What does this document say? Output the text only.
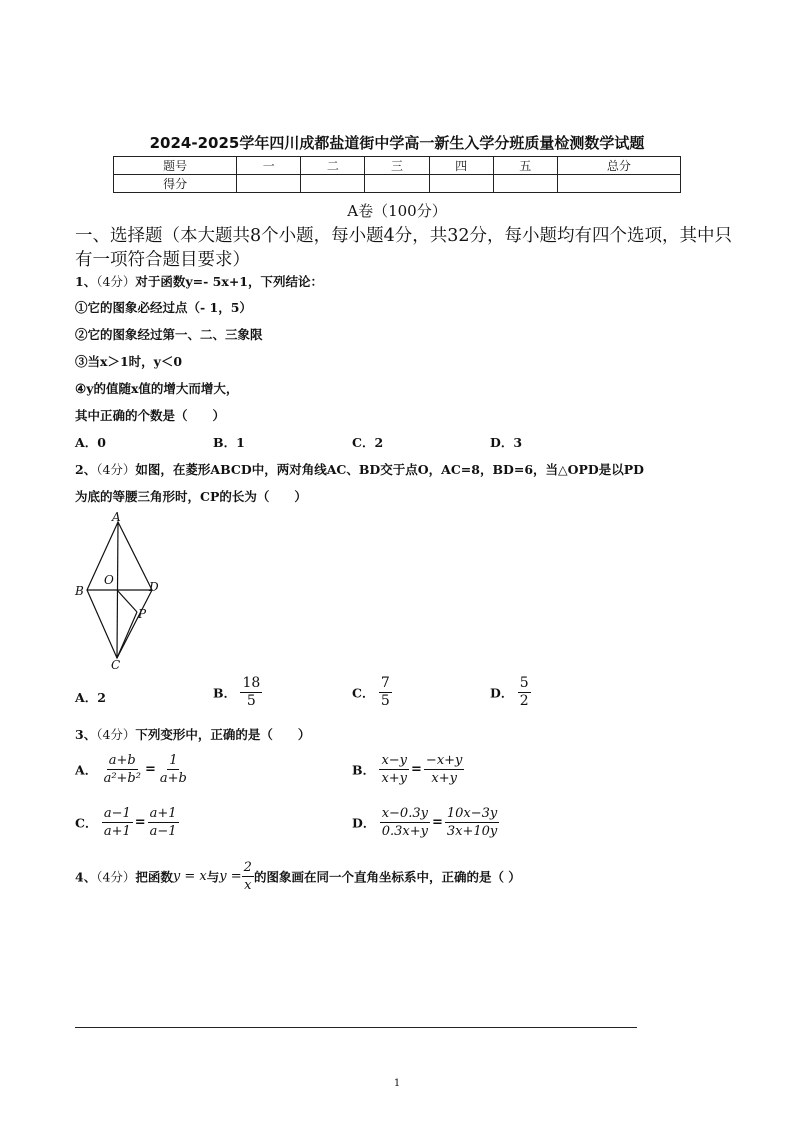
2024-2025学年四川成都盐道街中学高一新生入学分班质量检测数学试题
题号	一	二	三	四	五	总分
得分						
A卷（100分）
一、选择题（本大题共8个小题，每小题4分，共32分，每小题均有四个选项，其中只有一项符合题目要求）
1、（4分）对于函数y=- 5x+1，下列结论：
①它的图象必经过点（- 1，5）
②它的图象经过第一、二、三象限
③当x＞1时，y＜0
④y的值随x值的增大而增大，
其中正确的个数是（　　）
A．0	B．1	C．2	D．3
2、（4分）如图，在菱形ABCD中，两对角线AC、BD交于点O，AC=8，BD=6，当△OPD是以PD
为底的等腰三角形时，CP的长为（　　）
A
B
C
D
O
P
A．2	B． $\frac{18}{5}$	C． $\frac{7}{5}$	D． $\frac{5}{2}$
3、（4分）下列变形中，正确的是（　　）
A． $\frac{a+b}{\text{a²+b²}} = \frac{1}{a+b}$	B． $\frac{x-y}{x+y} = \frac{-x+y}{x+y}$
C． $\frac{a-1}{a+1} = \frac{a+1}{a-1}$	D． $\frac{x-0.3y}{0.3x+y} = \frac{10x-3y}{3x+10y}$
4、（4分）把函数y = x与$y = \frac{2}{x}$ 的图象画在同一个直角坐标系中，正确的是（ ）
1
